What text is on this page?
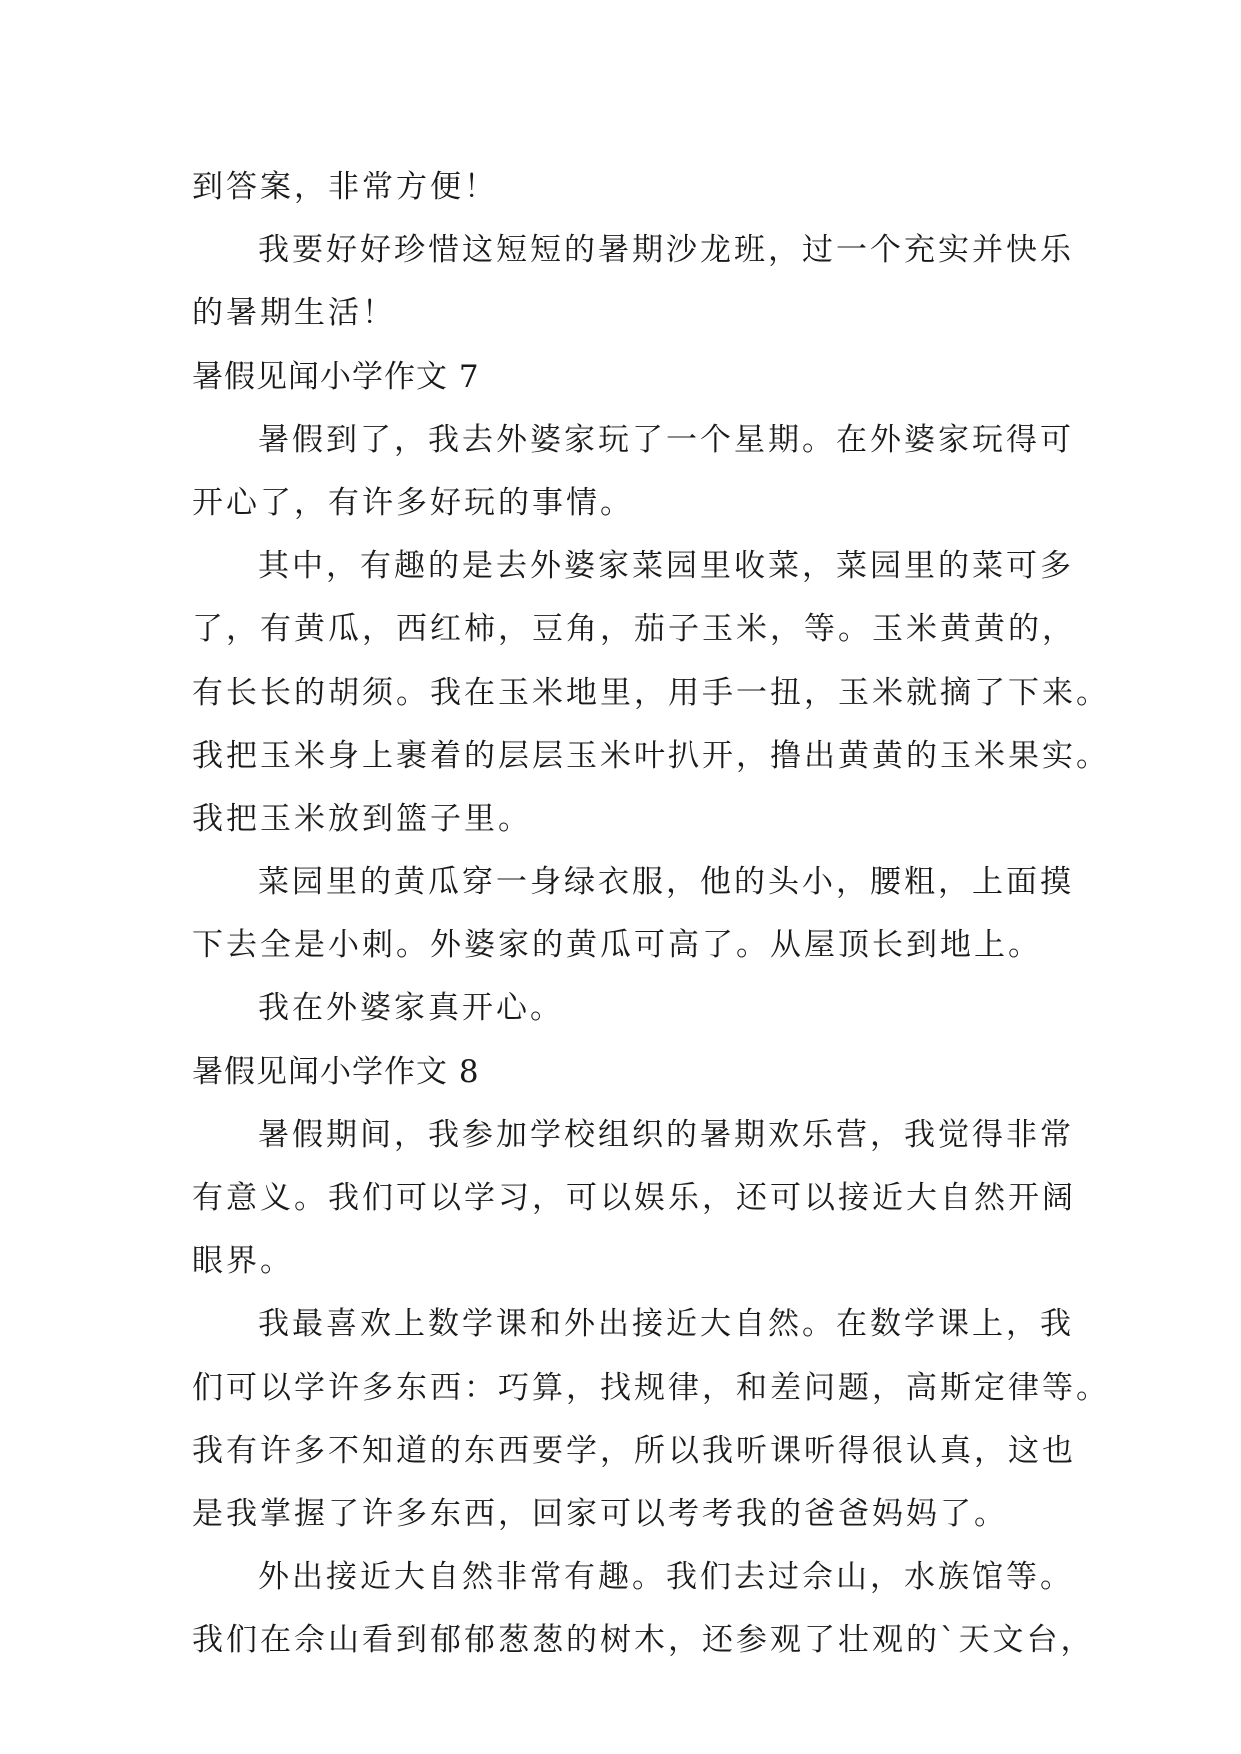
到答案，非常方便！
我要好好珍惜这短短的暑期沙龙班，过一个充实并快乐
的暑期生活！
暑假见闻小学作文 7
暑假到了，我去外婆家玩了一个星期。在外婆家玩得可
开心了，有许多好玩的事情。
其中，有趣的是去外婆家菜园里收菜，菜园里的菜可多
了，有黄瓜，西红柿，豆角，茄子玉米，等。玉米黄黄的，
有长长的胡须。我在玉米地里，用手一扭，玉米就摘了下来。
我把玉米身上裹着的层层玉米叶扒开，撸出黄黄的玉米果实。
我把玉米放到篮子里。
菜园里的黄瓜穿一身绿衣服，他的头小，腰粗，上面摸
下去全是小刺。外婆家的黄瓜可高了。从屋顶长到地上。
我在外婆家真开心。
暑假见闻小学作文 8
暑假期间，我参加学校组织的暑期欢乐营，我觉得非常
有意义。我们可以学习，可以娱乐，还可以接近大自然开阔
眼界。
我最喜欢上数学课和外出接近大自然。在数学课上，我
们可以学许多东西：巧算，找规律，和差问题，高斯定律等。
我有许多不知道的东西要学，所以我听课听得很认真，这也
是我掌握了许多东西，回家可以考考我的爸爸妈妈了。
外出接近大自然非常有趣。我们去过佘山，水族馆等。
我们在佘山看到郁郁葱葱的树木，还参观了壮观的`天文台，
